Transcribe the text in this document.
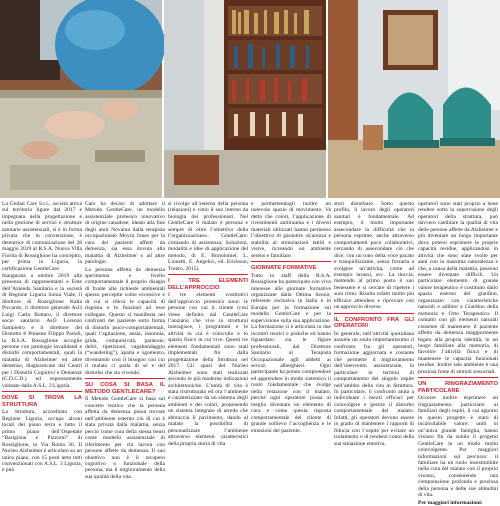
La Global Care S.r.l., società attiva sul territorio ligure dal 2017 e impegnata nella progettazione e nella gestione di servizi e strutture sanitarie assistenziali, si è in forma privata che in convenzione, è detentrice di comunicazione del 28 maggio 2019 al R.S.A. Nuova Villa Fiorita di Rossiglione ha concepito, per prima in Liguria, la certificazione GentleCare.

Inaugurata a ottobre 2019 alla presenza di rappresentanti e Ente dell’Azienda Sanitaria e la società di Regione Liguria Sonia Viale, il direttore di Rossiglione Katia Piccardo, il direttore generale Asl3 Luigi Carlo Bottaro, il direttore socio sanitario Asl3 Lorenzo Sampietro e il direttore del Distretto 8 Ponente Filippo Parodi, la R.S.A. Rossiglione accoglie persone con patologie invalidanti e disturbi comportamentali, quali la malattia di Alzheimer ed altre demenze, diagnosticate dai Centri per i Disturbi Cognitivi e Demenze (C.D.C.D.) ed espressamente valutate dalla A.S.L. 3 Liguria.

DOVE SI TROVA LA STRUTTURA

La Struttura, accreditata con Regione Liguria, occupa alcuni locali del piano terra e tutto il primo piano dell’Ospedale “Barigione e Pizzorni” di Rossiglione, in Via Roma 36. Il Nucleo Alzheimer è articolato su un unico piano, con 15 posti letto tutti convenzionati con A.S.L. 3 Liguria, e può

Care ha deciso di adottare il Metodo GentleCare, un modello assistenziale protesico innovativo di origine canadese, ideato alla fine degli anni Novanta dalla terapista occupazionale Moyra Jones per la cura dei pazienti affetti da demenza, sia essa dovuta alla malattia di Alzheimer o ad altre patologie.

La persona affetta da demenza sperimenta e livello comportamentale il proprio disagio di fronte alle richieste ambientali spesso percepite come eccessive e di cui si rileva le capacità di risposta e le funzioni ad esse collegate. Questo si manifesta nei confronti del paziente sotto forma di disturbi psico-comportamentali, quali l’agitazione, ansia, insonnia, grida, compulsività, paranoie, deliri, ripetizioni, vagabondaggio (“wandering”), apatia e sgomento, diventando così il bisogno con cui il malato ci parla di sé e del disturbo che sta vivendo.

SU COSA SI BASA IL METODO GENTLECARE?

Il Metodo GentleCare si basa sul concetto teorico che la persona affetta da demenza possa trovare nell’ambiente esterno ciò di cui è stata privata dalla malattia, senza perciò come cura della stessa bensì come modello assistenziale di riferimento per chi lavora con persone affette da demenza. Il suo obiettivo non è il recupero cognitivo o funzionale della persona, ma il miglioramento della sua qualità della vita.

si rivolge all’esterno della persona (relazioni) e vimo il suo interno da biologia dei professionisti. Nel GentleCare il malato è persona e sempre di oltre l’obiettivo della l’organizzazione». GentleCare: crimando di assistenza, Soluzioni, modalità e idee di applicazione del metodo, di E. Bortolomel, L. Lionetti, E. Angelici, ed. Erickson, Trento, 2015).

I TRE ELEMENTI DELL’APPROCCIO

I tre elementi costitutivi dell’approccio protesico sono: le persone con cui il cliente (così viene definito dal GentleCare l’anziano che vive in struttura) interagisce, i programmi e le attività in cui è coinvolto e lo spazio fisico in cui vive. Questi tre elementi fondamentali sono stati implementati fin dalla progettazione della Struttura nel 2017. Gli spazi del Nucleo Alzheimer sono stati realizzati secondo le più moderne indicazioni architettoniche. L’unità di vita è stata ristrutturata ed ora l’ambiente è caratterizzato da un sistema degli ambienti e dei colori, proponendo un sistema integrato di arredo che abbraccia il pavimento, dando al malato la possibilità di personalizzare l’ambiente attraverso elementi caratteristici della propria storia di vita

e permettendogli inoltre un notevole spazio di movimento. Va detto che colori, l’applicazione di rivestimenti antitrauma e i diversi materiali utilizzati hanno permesso l’obiettivo di garantire sicurezza e stabilità al stimolazioni tattili e visive, ricreando un ambiente sereno e familiare.

GIORNATE FORMATIVE

Tutto lo staff della R.S.A. Rossiglione ha partecipato con vivo interesse alle giornate formative organizzate dalla Ottima Senior, referente esclusiva in Italia e in Europa per la formazione sul modello GentleCare e per la supervisione sulla sua applicazione. La formazione si è articolata in due incontri teorici e pratiche ed hanno riguardato sia le figure professionali, dal Direttore Sanitario al Terapista Occupazionale agli addetti ai servizi alberghieri. Ogni partecipante ha potuto comprendere ed apprendere in modo sistemico il ruolo fondamentale che svolge nella relazione con il malato, perché ogni operatore possa al meglio diventare un elemento di cura e come questa risposta comportamentale del cliente di grande sollievo l’accoglienza e le emozioni del paziente.

stori disturbare. Sotto questo profilo, il lavoro degli operatori sanitari è fondamentale. Ad esempio, il molto importante assecondare la difficoltà che la persona esprime, anche attraverso comportamenti poco collaborativi, cercando di assecondare ciò che dice, con un tono della voce pacato e tranquillizzante, senza forzarla a svolgere un’attività, come ad esempio lavarsi, ecc. La doccia, mettendo al primo posto il suo benessere e si cercare di ripetere i suoi ritmi. Risulta infatti molto più efficace attendere e riprovare con un approccio diverso.

IL CONFRONTO FRA GLI OPERATORI

In generale, nell’attività quotidiana assume un ruolo importantissimo il confronto fra gli operatori, formazione aggiornata e costante che permette il miglioramento dell’intervento assistenziale, in particolare in termini di comportamento del singolo ospite nell’ambito della vita in Struttura. In particolare, il confronto aiuta a individuare i mezzi efficaci per coinvolgere e gestire il disturbo comportamentale del malato. Infatti, gli operatori devono essere in grado di mantenere i rapporti di fiducia con l’ospite per evitare un isolamento o di rendersi conto della sua situazione emotiva.

operatori sono stati proprio a bene rendere sotto la supervisione degli operatori della struttura, può davvero cambiare la qualità di vita delle persone affette da Alzheimer e più diventare un luogo importante dove potersi esprimere le proprie capacità residue, applicandosi in attività che sono state svolte per anni con la massima naturalezza e che, a causa della malattia, possono essere diventate difficili. Un particolare elemento di grande valore terapeutico è costituito dallo spazio esterno del giardino, organizzato con caratteristiche naturali e adibito a Giardino della memoria e Orto Terapeutico. Il contatto con gli elementi naturali consente di mantenere il paziente affetto da demenza maggiormente legato alla propria identità, in un luogo familiare alla memoria, di favorire l’attività fisica e di mantenere le capacità funzionali residue. Inoltre tale ambiente è una preziosa fonte di stimoli sensoriali.

UN RINGRAZIAMENTO PARTICOLARE

Occorre inoltre esprimere un ringraziamento particolare ai familiari degli ospiti, il cui apporto in questo progetto è stato di incalcolabile valore: uniti in un’unica grande famiglia, hanno vissuto fin da subito il progetto GentleCare in un modo molto coinvolgente. Per maggiori informazioni sul percorso: il familiare ha un ruolo insostituibile nella cura del malato con il proprio vissuto, consentendo una comprensione profonda e preziosa della persona e delle sue abitudini di vita.

Per maggiori informazioni:
